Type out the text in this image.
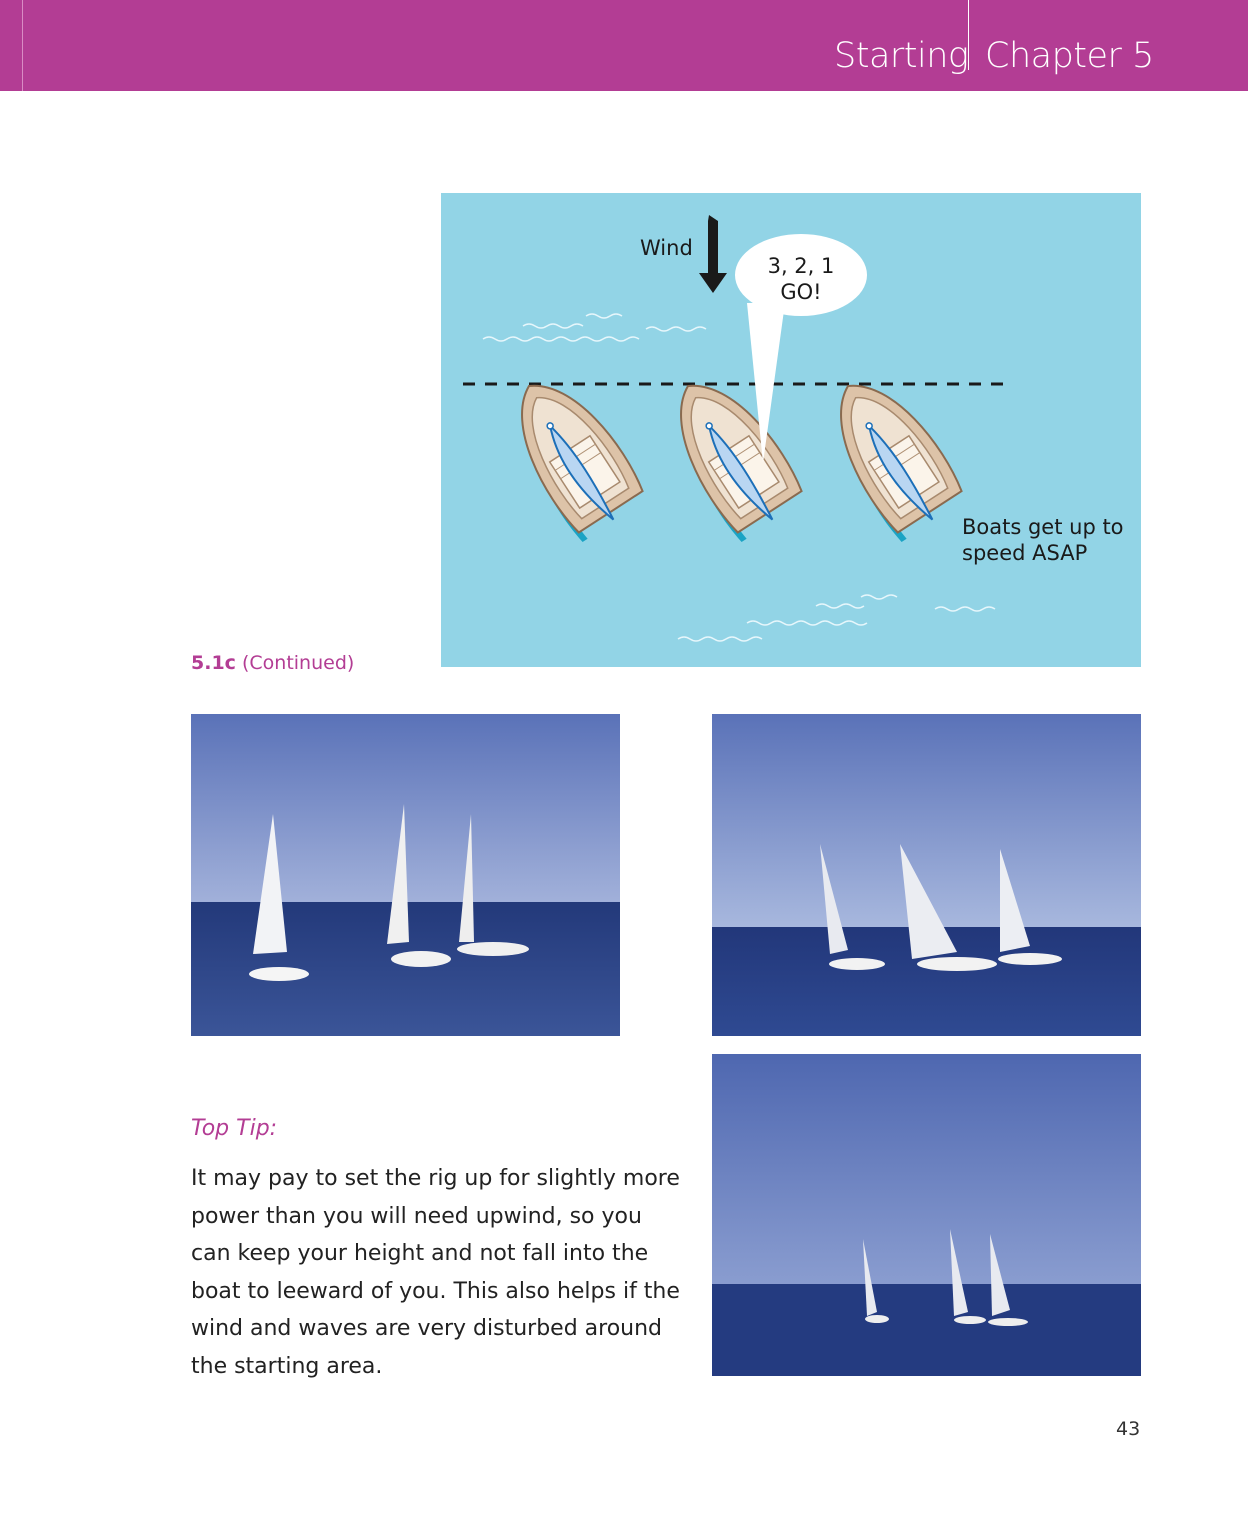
Starting Chapter 5
Wind
3, 2, 1
GO!
Boats get up to
speed ASAP
5.1c (Continued)
Top Tip:
It may pay to set the rig up for slightly more
power than you will need upwind, so you
can keep your height and not fall into the
boat to leeward of you. This also helps if the
wind and waves are very disturbed around
the starting area.
43
